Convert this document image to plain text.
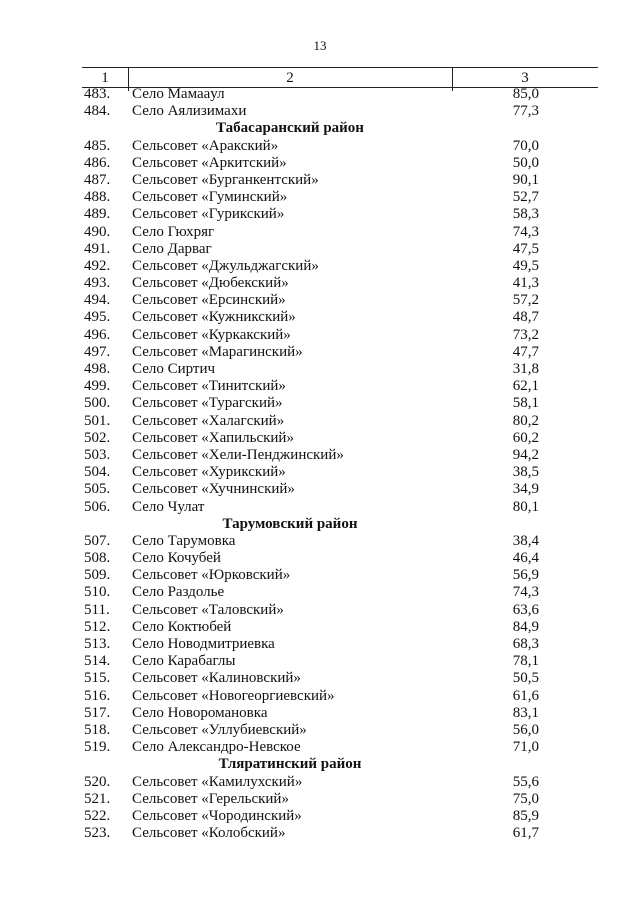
13
1	2	3
483. Село Мамаaул	85,0
484. Село Аялизимахи	77,3
Табасаранский район
485. Сельсовет «Аракский»	70,0
486. Сельсовет «Аркитский»	50,0
487. Сельсовет «Бурганкентский»	90,1
488. Сельсовет «Гуминский»	52,7
489. Сельсовет «Гурикский»	58,3
490. Село Гюхряг	74,3
491. Село Дарваг	47,5
492. Сельсовет «Джульджагский»	49,5
493. Сельсовет «Дюбекский»	41,3
494. Сельсовет «Ерсинский»	57,2
495. Сельсовет «Кужникский»	48,7
496. Сельсовет «Куркакский»	73,2
497. Сельсовет «Марагинский»	47,7
498. Село Сиртич	31,8
499. Сельсовет «Тинитский»	62,1
500. Сельсовет «Турагский»	58,1
501. Сельсовет «Халагский»	80,2
502. Сельсовет «Хапильский»	60,2
503. Сельсовет «Хели-Пенджинский»	94,2
504. Сельсовет «Хурикский»	38,5
505. Сельсовет «Хучнинский»	34,9
506. Село Чулат	80,1
Тарумовский район
507. Село Тарумовка	38,4
508. Село Кочубей	46,4
509. Сельсовет «Юрковский»	56,9
510. Село Раздолье	74,3
511. Сельсовет «Таловский»	63,6
512. Село Коктюбей	84,9
513. Село Новодмитриевка	68,3
514. Село Карабаглы	78,1
515. Сельсовет «Калиновский»	50,5
516. Сельсовет «Новогеоргиевский»	61,6
517. Село Новоромановка	83,1
518. Сельсовет «Уллубиевский»	56,0
519. Село Александро-Невское	71,0
Тляратинский район
520. Сельсовет «Камилухский»	55,6
521. Сельсовет «Герельский»	75,0
522. Сельсовет «Чородинский»	85,9
523. Сельсовет «Колобский»	61,7
